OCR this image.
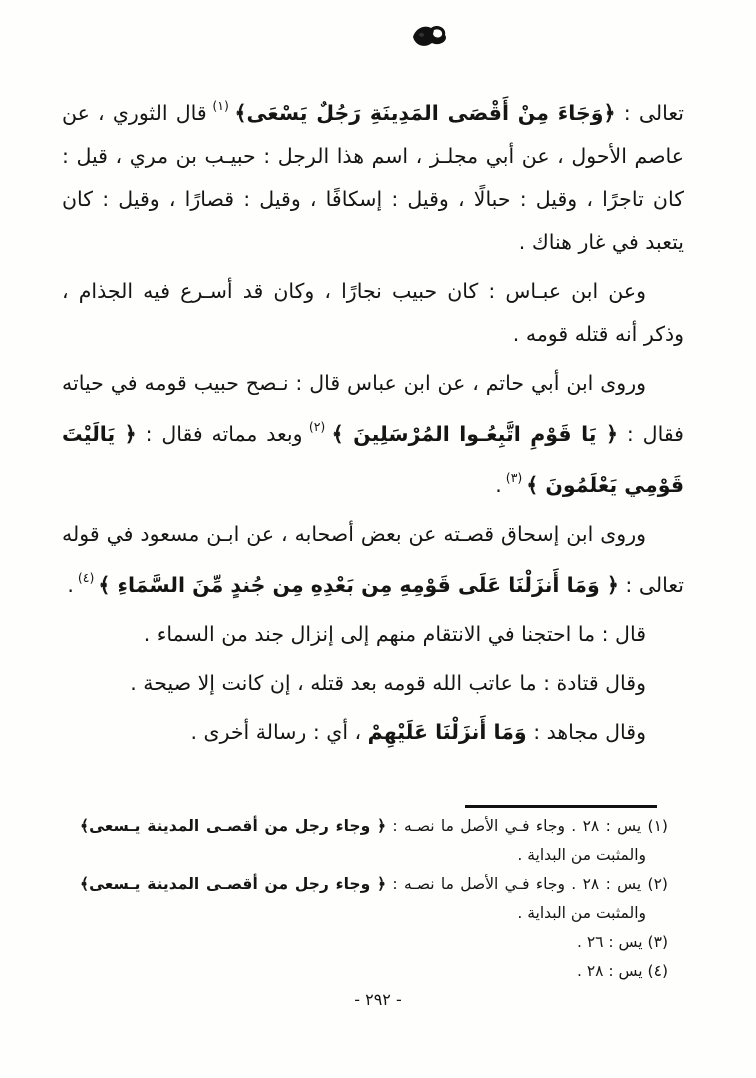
تعالى : ﴿وَجَاءَ مِنْ أَقْصَى المَدِينَةِ رَجُلٌ يَسْعَى﴾ $^{(١)}$ قال الثوري ، عن عاصم الأحول ، عن أبي مجلـز ، اسم هذا الرجل : حبيـب بن مري ، قيل : كان تاجرًا ، وقيل : حبالًا ، وقيل : إسكافًا ، وقيل : قصارًا ، وقيل : كان يتعبد في غار هناك .

وعن ابن عبـاس : كان حبيب نجارًا ، وكان قد أسـرع فيه الجذام ، وذكر أنه قتله قومه .

وروى ابن أبي حاتم ، عن ابن عباس قال : نـصح حبيب قومه في حياته فقال : ﴿ يَا قَوْمِ اتَّبِعُـوا المُرْسَلِينَ ﴾ $^{(٢)}$ وبعد مماته فقال : ﴿ يَالَيْتَ قَوْمِي يَعْلَمُونَ ﴾ $^{(٣)}$ .

وروى ابن إسحاق قصـته عن بعض أصحابه ، عن ابـن مسعود في قوله تعالى : ﴿ وَمَا أَنزَلْنَا عَلَى قَوْمِهِ مِن بَعْدِهِ مِن جُندٍ مِّنَ السَّمَاءِ ﴾ $^{(٤)}$ .

قال : ما احتجنا في الانتقام منهم إلى إنزال جند من السماء .

وقال قتادة : ما عاتب الله قومه بعد قتله ، إن كانت إلا صيحة .

وقال مجاهد : وَمَا أَنزَلْنَا عَلَيْهِمْ ، أي : رسالة أخرى .

(١) يس : ٢٨ . وجاء فـي الأصل ما نصـه : ﴿ وجاء رجل من أقصـى المدينة يـسعى﴾ والمثبت من البداية .

(٢) يس : ٢٨ . وجاء فـي الأصل ما نصـه : ﴿ وجاء رجل من أقصـى المدينة يـسعى﴾ والمثبت من البداية .

(٣) يس : ٢٦ .

(٤) يس : ٢٨ .

- ٢٩٢ -
